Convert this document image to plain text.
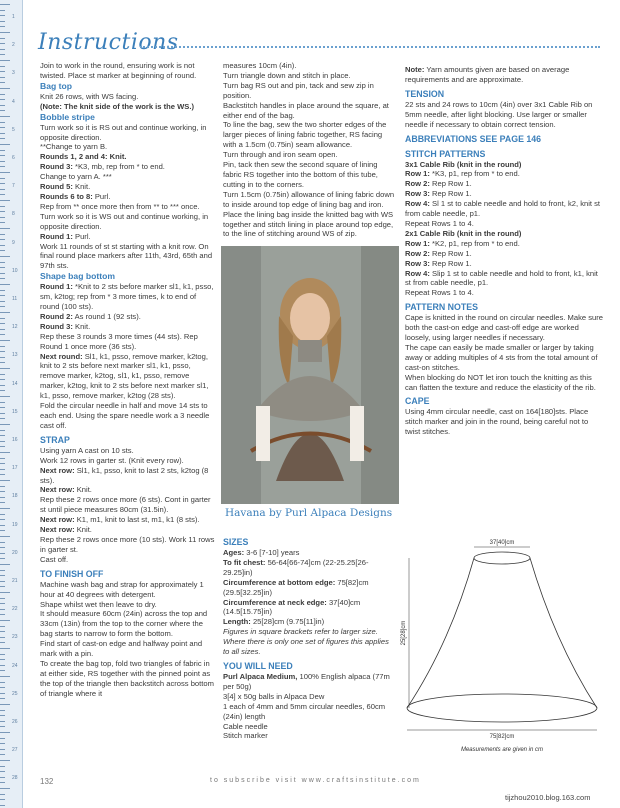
1
2
3
4
5
6
7
8
9
10
11
12
13
14
15
16
17
18
19
20
21
22
23
24
25
26
27
28
Instructions

Join to work in the round, ensuring work is not twisted. Place st marker at beginning of round.

Bag top

Knit 26 rows, with WS facing.

(Note: The knit side of the work is the WS.)

Bobble stripe

Turn work so it is RS out and continue working, in opposite direction.

**Change to yarn B.

Rounds 1, 2 and 4: Knit.

Round 3: *K3, mb, rep from * to end.

Change to yarn A. ***

Round 5: Knit.

Rounds 6 to 8: Purl.

Rep from ** once more then from ** to *** once. Turn work so it is WS out and continue working, in opposite direction.

Round 1: Purl.

Work 11 rounds of st st starting with a knit row. On final round place markers after 11th, 43rd, 65th and 97th sts.

Shape bag bottom

Round 1: *Knit to 2 sts before marker sl1, k1, psso, sm, k2tog; rep from * 3 more times, k to end of round (100 sts).

Round 2: As round 1 (92 sts).

Round 3: Knit.

Rep these 3 rounds 3 more times (44 sts). Rep Round 1 once more (36 sts).

Next round: Sl1, k1, psso, remove marker, k2tog, knit to 2 sts before next marker sl1, k1, psso, remove marker, k2tog, sl1, k1, psso, remove marker, k2tog, knit to 2 sts before next marker sl1, k1, psso, remove marker, k2tog (28 sts).

Fold the circular needle in half and move 14 sts to each end. Using the spare needle work a 3 needle cast off.

STRAP

Using yarn A cast on 10 sts.

Work 12 rows in garter st. (Knit every row).

Next row: Sl1, k1, psso, knit to last 2 sts, k2tog (8 sts).

Next row: Knit.

Rep these 2 rows once more (6 sts). Cont in garter st until piece measures 80cm (31.5in).

Next row: K1, m1, knit to last st, m1, k1 (8 sts).

Next row: Knit.

Rep these 2 rows once more (10 sts). Work 11 rows in garter st.

Cast off.

TO FINISH OFF

Machine wash bag and strap for approximately 1 hour at 40 degrees with detergent.

Shape whilst wet then leave to dry.

It should measure 60cm (24in) across the top and 33cm (13in) from the top to the corner where the bag starts to narrow to form the bottom.

Find start of cast-on edge and halfway point and mark with a pin.

To create the bag top, fold two triangles of fabric in at either side, RS together with the pinned point as the top of the triangle then backstitch across bottom of triangle where it

measures 10cm (4in).

Turn triangle down and stitch in place.

Turn bag RS out and pin, tack and sew zip in position.

Backstitch handles in place around the square, at either end of the bag.

To line the bag, sew the two shorter edges of the larger pieces of lining fabric together, RS facing with a 1.5cm (0.75in) seam allowance.

Turn through and iron seam open.

Pin, tack then sew the second square of lining fabric RS together into the bottom of this tube, cutting in to the corners.

Turn 1.5cm (0.75in) allowance of lining fabric down to inside around top edge of lining bag and iron.

Place the lining bag inside the knitted bag with WS together and stitch lining in place around top edge, to the line of stitching around WS of zip.

Havana by Purl Alpaca Designs

SIZES

Ages: 3-6 [7-10] years

To fit chest: 56-64[66-74]cm (22-25.25[26-29.25]in)

Circumference at bottom edge: 75[82]cm (29.5[32.25]in)

Circumference at neck edge: 37[40]cm (14.5[15.75]in)

Length: 25[28]cm (9.75[11]in)

Figures in square brackets refer to larger size. Where there is only one set of figures this applies to all sizes.

YOU WILL NEED

Purl Alpaca Medium, 100% English alpaca (77m per 50g)

3[4] x 50g balls in Alpaca Dew

1 each of 4mm and 5mm circular needles, 60cm (24in) length

Cable needle

Stitch marker

Note: Yarn amounts given are based on average requirements and are approximate.

TENSION

22 sts and 24 rows to 10cm (4in) over 3x1 Cable Rib on 5mm needle, after light blocking. Use larger or smaller needle if necessary to obtain correct tension.

ABBREVIATIONS SEE PAGE 146

STITCH PATTERNS

3x1 Cable Rib (knit in the round)

Row 1: *K3, p1, rep from * to end.

Row 2: Rep Row 1.

Row 3: Rep Row 1.

Row 4: Sl 1 st to cable needle and hold to front, k2, knit st from cable needle, p1.

Repeat Rows 1 to 4.

2x1 Cable Rib (knit in the round)

Row 1: *K2, p1, rep from * to end.

Row 2: Rep Row 1.

Row 3: Rep Row 1.

Row 4: Slip 1 st to cable needle and hold to front, k1, knit st from cable needle, p1.

Repeat Rows 1 to 4.

PATTERN NOTES

Cape is knitted in the round on circular needles. Make sure both the cast-on edge and cast-off edge are worked loosely, using larger needles if necessary.

The cape can easily be made smaller or larger by taking away or adding multiples of 4 sts from the total amount of cast-on stitches.

When blocking do NOT let iron touch the knitting as this can flatten the texture and reduce the elasticity of the rib.

CAPE

Using 4mm circular needle, cast on 164[180]sts. Place stitch marker and join in the round, being careful not to twist stitches.

37[40]cm
25[28]cm
75[82]cm
Measurements are given in cm
132	to subscribe visit www.craftsinstitute.com
tijzhou2010.blog.163.com
